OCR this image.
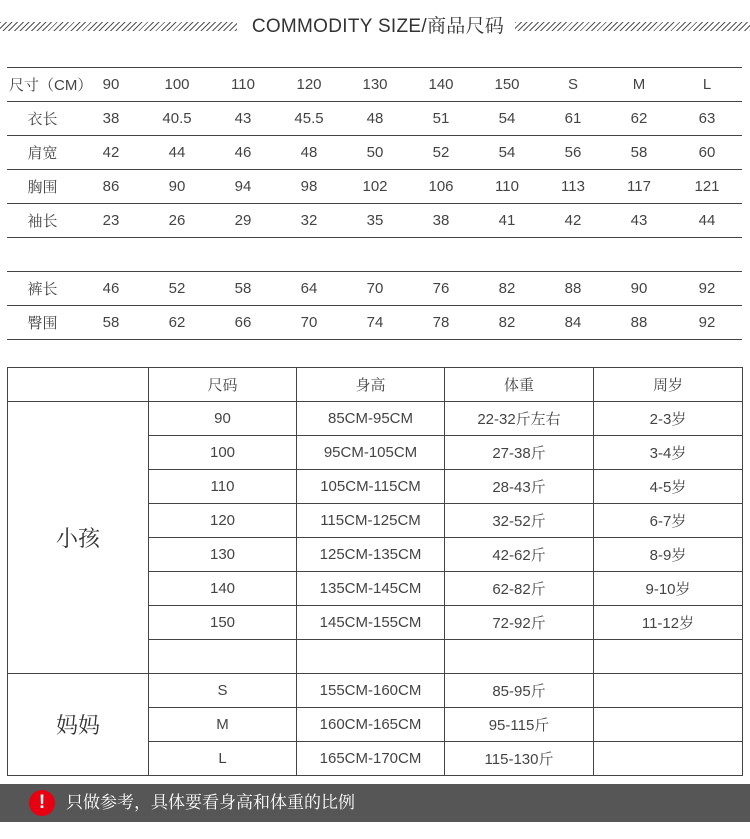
COMMODITY SIZE/商品尺码
尺寸（CM）	90	100	110	120	130	140	150	S	M	L
衣长	38	40.5	43	45.5	48	51	54	61	62	63
肩宽	42	44	46	48	50	52	54	56	58	60
胸围	86	90	94	98	102	106	110	113	117	121
袖长	23	26	29	32	35	38	41	42	43	44

裤长	46	52	58	64	70	76	82	88	90	92
臀围	58	62	66	70	74	78	82	84	88	92
	尺码	身高	体重	周岁
小孩	90	85CM-95CM	22-32斤左右	2-3岁
	100	95CM-105CM	27-38斤	3-4岁
	110	105CM-115CM	28-43斤	4-5岁
	120	115CM-125CM	32-52斤	6-7岁
	130	125CM-135CM	42-62斤	8-9岁
	140	135CM-145CM	62-82斤	9-10岁
	150	145CM-155CM	72-92斤	11-12岁

妈妈	S	155CM-160CM	85-95斤	
	M	160CM-165CM	95-115斤	
	L	165CM-170CM	115-130斤	
!	只做参考，具体要看身高和体重的比例
